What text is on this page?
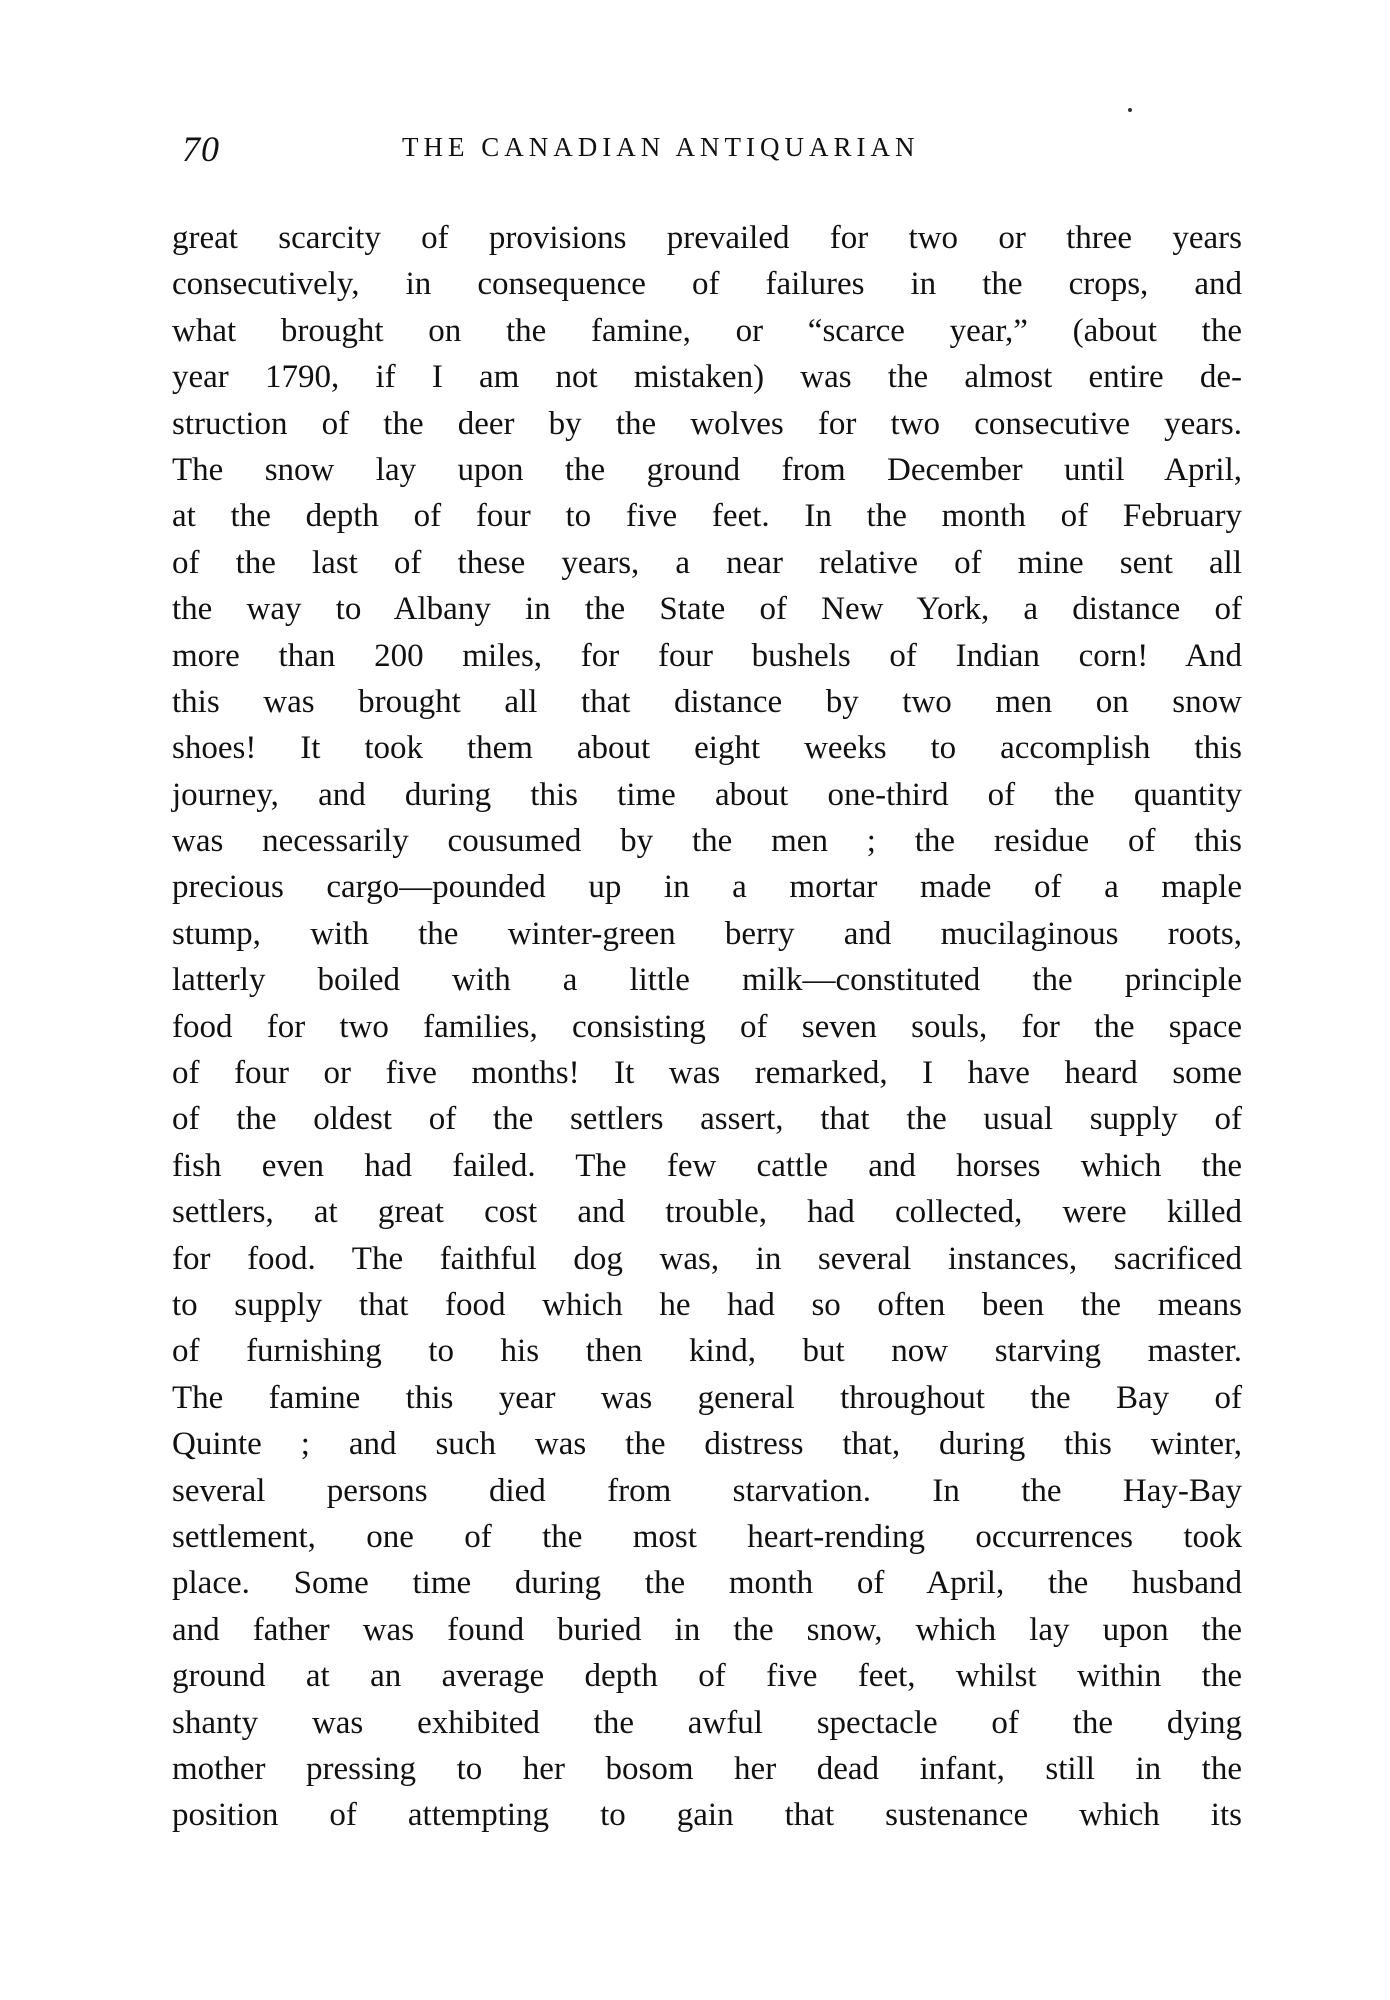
70	THE CANADIAN ANTIQUARIAN
great scarcity of provisions prevailed for two or three years
consecutively, in consequence of failures in the crops, and
what brought on the famine, or “scarce year,” (about the
year 1790, if I am not mistaken) was the almost entire de-
struction of the deer by the wolves for two consecutive years.
The snow lay upon the ground from December until April,
at the depth of four to five feet. In the month of February
of the last of these years, a near relative of mine sent all
the way to Albany in the State of New York, a distance of
more than 200 miles, for four bushels of Indian corn! And
this was brought all that distance by two men on snow
shoes! It took them about eight weeks to accomplish this
journey, and during this time about one-third of the quantity
was necessarily cousumed by the men ; the residue of this
precious cargo—pounded up in a mortar made of a maple
stump, with the winter-green berry and mucilaginous roots,
latterly boiled with a little milk—constituted the principle
food for two families, consisting of seven souls, for the space
of four or five months! It was remarked, I have heard some
of the oldest of the settlers assert, that the usual supply of
fish even had failed. The few cattle and horses which the
settlers, at great cost and trouble, had collected, were killed
for food. The faithful dog was, in several instances, sacrificed
to supply that food which he had so often been the means
of furnishing to his then kind, but now starving master.
The famine this year was general throughout the Bay of
Quinte ; and such was the distress that, during this winter,
several persons died from starvation. In the Hay-Bay
settlement, one of the most heart-rending occurrences took
place. Some time during the month of April, the husband
and father was found buried in the snow, which lay upon the
ground at an average depth of five feet, whilst within the
shanty was exhibited the awful spectacle of the dying
mother pressing to her bosom her dead infant, still in the
position of attempting to gain that sustenance which its
